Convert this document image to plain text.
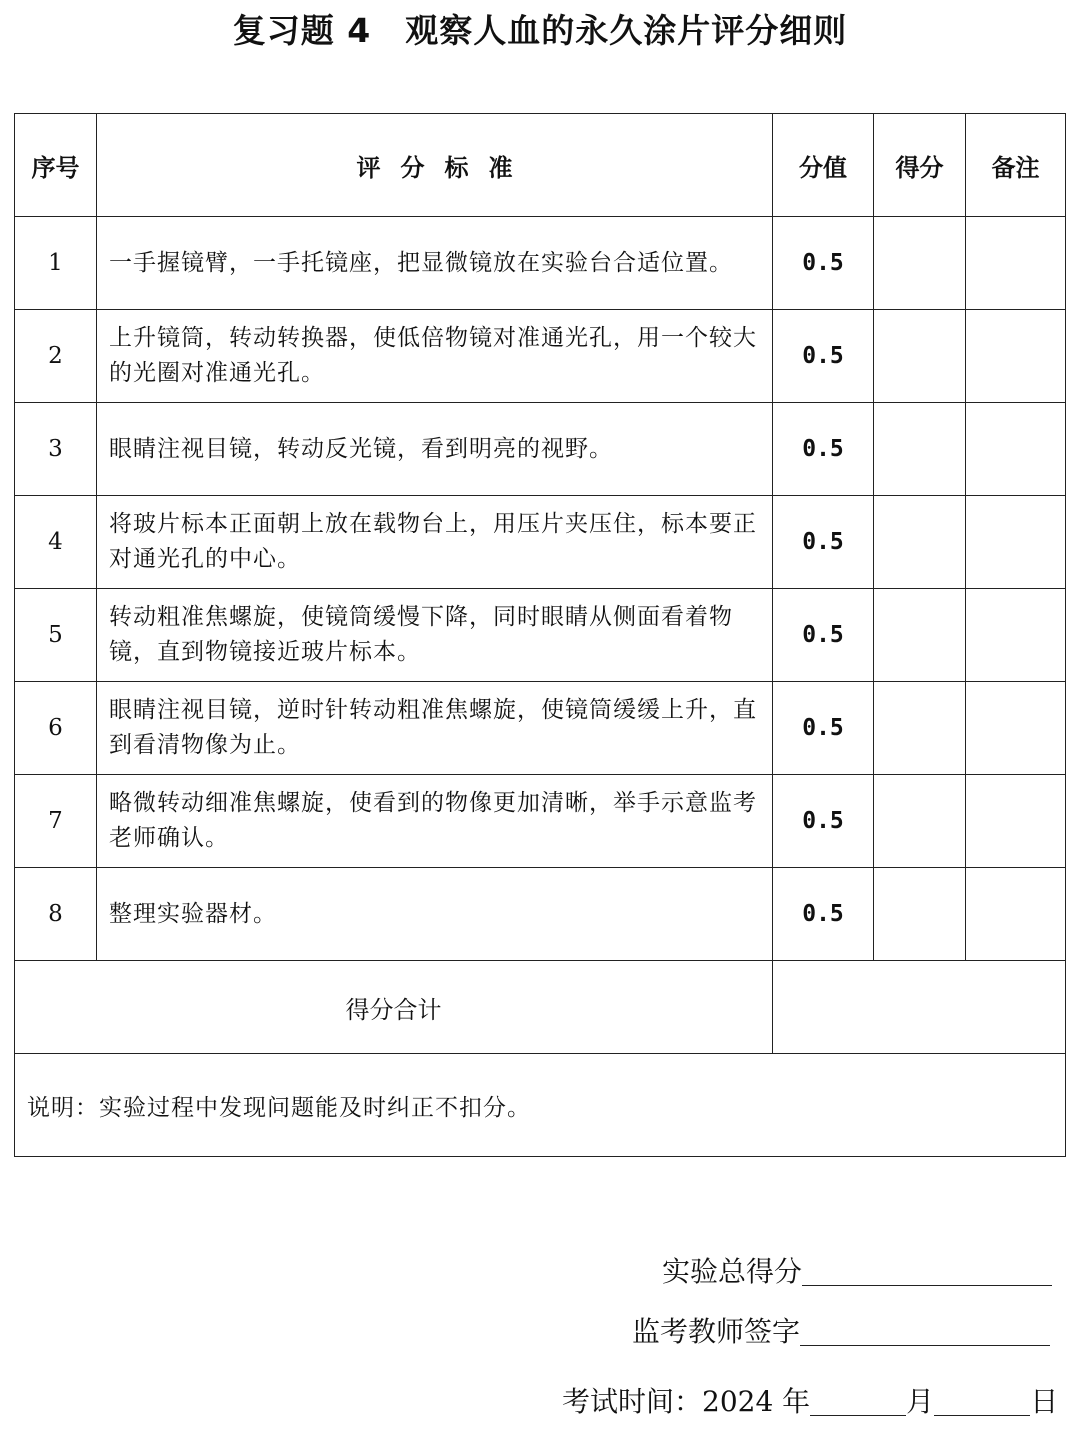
复习题 4　观察人血的永久涂片评分细则
序号	评分标准	分值	得分	备注
1	一手握镜臂，一手托镜座，把显微镜放在实验台合适位置。	0.5		
2	上升镜筒，转动转换器，使低倍物镜对准通光孔，用一个较大的光圈对准通光孔。	0.5		
3	眼睛注视目镜，转动反光镜，看到明亮的视野。	0.5		
4	将玻片标本正面朝上放在载物台上，用压片夹压住，标本要正对通光孔的中心。	0.5		
5	转动粗准焦螺旋，使镜筒缓慢下降，同时眼睛从侧面看着物镜，直到物镜接近玻片标本。	0.5		
6	眼睛注视目镜，逆时针转动粗准焦螺旋，使镜筒缓缓上升，直到看清物像为止。	0.5		
7	略微转动细准焦螺旋，使看到的物像更加清晰，举手示意监考老师确认。	0.5		
8	整理实验器材。	0.5		
得分合计				
说明：实验过程中发现问题能及时纠正不扣分。				
实验总得分
监考教师签字
考试时间：2024 年	月	日
